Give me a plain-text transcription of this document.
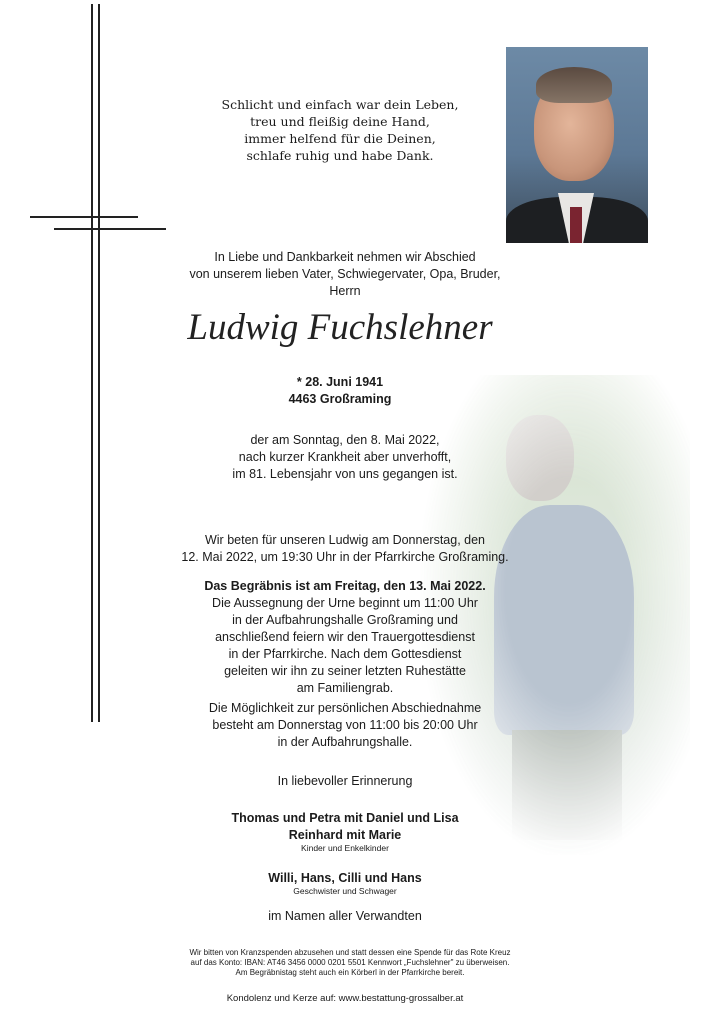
Schlicht und einfach war dein Leben,
treu und fleißig deine Hand,
immer helfend für die Deinen,
schlafe ruhig und habe Dank.
In Liebe und Dankbarkeit nehmen wir Abschied
von unserem lieben Vater, Schwiegervater, Opa, Bruder,
Herrn
Ludwig Fuchslehner
* 28. Juni 1941
4463 Großraming
der am Sonntag, den 8. Mai 2022,
nach kurzer Krankheit aber unverhofft,
im 81. Lebensjahr von uns gegangen ist.
Wir beten für unseren Ludwig am Donnerstag, den
12. Mai 2022, um 19:30 Uhr in der Pfarrkirche Großraming.
Das Begräbnis ist am Freitag, den 13. Mai 2022.
Die Aussegnung der Urne beginnt um 11:00 Uhr
in der Aufbahrungshalle Großraming und
anschließend feiern wir den Trauergottesdienst
in der Pfarrkirche. Nach dem Gottesdienst
geleiten wir ihn zu seiner letzten Ruhestätte
am Familiengrab.
Die Möglichkeit zur persönlichen Abschiednahme
besteht am Donnerstag von 11:00 bis 20:00 Uhr
in der Aufbahrungshalle.
In liebevoller Erinnerung
Thomas und Petra mit Daniel und Lisa
Reinhard mit Marie
Kinder und Enkelkinder
Willi, Hans, Cilli und Hans
Geschwister und Schwager
im Namen aller Verwandten
Wir bitten von Kranzspenden abzusehen und statt dessen eine Spende für das Rote Kreuz
auf das Konto: IBAN: AT46 3456 0000 0201 5501 Kennwort „Fuchslehner" zu überweisen.
Am Begräbnistag steht auch ein Körberl in der Pfarrkirche bereit.
Kondolenz und Kerze auf: www.bestattung-grossalber.at
